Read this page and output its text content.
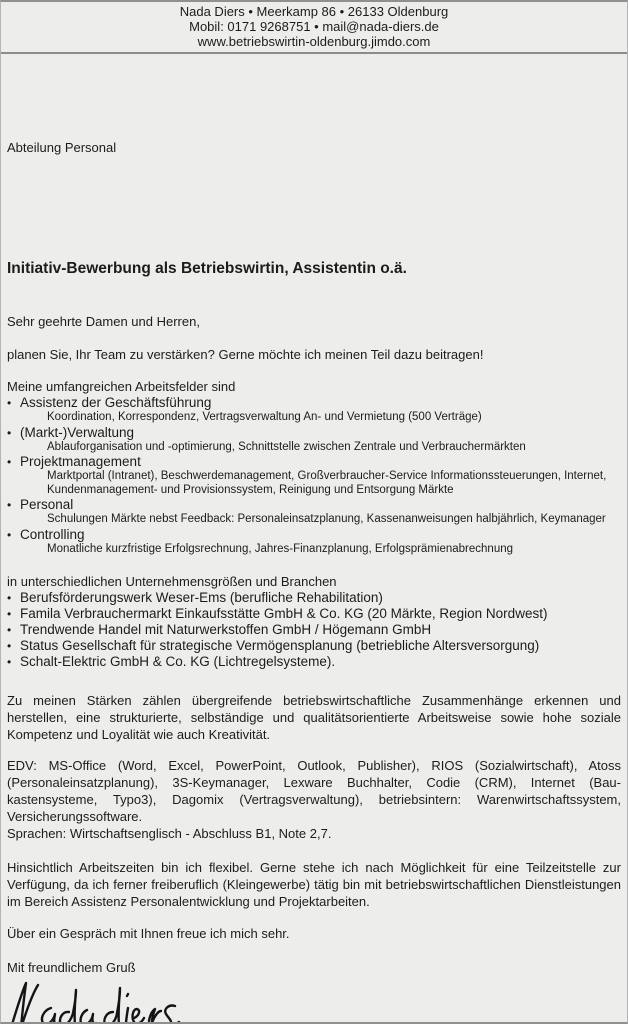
Nada Diers • Meerkamp 86 • 26133 Oldenburg
Mobil: 0171 9268751 • mail@nada-diers.de
www.betriebswirtin-oldenburg.jimdo.com
Abteilung Personal
Initiativ-Bewerbung als Betriebswirtin, Assistentin o.ä.
Sehr geehrte Damen und Herren,
planen Sie, Ihr Team zu verstärken? Gerne möchte ich meinen Teil dazu beitragen!
Meine umfangreichen Arbeitsfelder sind
•
Assistenz der Geschäftsführung
Koordination, Korrespondenz, Vertragsverwaltung An- und Vermietung (500 Verträge)
•
(Markt-)Verwaltung
Ablauforganisation und -optimierung, Schnittstelle zwischen Zentrale und Verbrauchermärkten
•
Projektmanagement
Marktportal (Intranet), Beschwerdemanagement, Großverbraucher-Service Informationssteuerungen, Internet, Kundenmanagement- und Provisionssystem, Reinigung und Entsorgung Märkte
•
Personal
Schulungen Märkte nebst Feedback: Personaleinsatzplanung, Kassenanweisungen halbjährlich, Keymanager
•
Controlling
Monatliche kurzfristige Erfolgsrechnung, Jahres-Finanzplanung, Erfolgsprämienabrechnung
in unterschiedlichen Unternehmensgrößen und Branchen
•
Berufsförderungswerk Weser-Ems (berufliche Rehabilitation)
•
Famila Verbrauchermarkt Einkaufsstätte GmbH & Co. KG (20 Märkte, Region Nordwest)
•
Trendwende Handel mit Naturwerkstoffen GmbH / Högemann GmbH
•
Status Gesellschaft für strategische Vermögensplanung (betriebliche Altersversorgung)
•
Schalt-Elektric GmbH & Co. KG (Lichtregelsysteme).
Zu meinen Stärken zählen übergreifende betriebswirtschaftliche Zusammenhänge erkennen und herstellen, eine strukturierte, selbständige und qualitätsorientierte Arbeitsweise sowie hohe soziale Kompetenz und Loyalität wie auch Kreativität.
EDV: MS-Office (Word, Excel, PowerPoint, Outlook, Publisher), RIOS (Sozialwirtschaft), Atoss (Personaleinsatzplanung), 3S-Keymanager, Lexware Buchhalter, Codie (CRM), Internet (Bau-kastensysteme, Typo3), Dagomix (Vertragsverwaltung), betriebsintern: Warenwirtschaftssystem, Versicherungssoftware.
Sprachen: Wirtschaftsenglisch - Abschluss B1, Note 2,7.
Hinsichtlich Arbeitszeiten bin ich flexibel. Gerne stehe ich nach Möglichkeit für eine Teilzeitstelle zur Verfügung, da ich ferner freiberuflich (Kleingewerbe) tätig bin mit betriebswirtschaftlichen Dienstleistungen im Bereich Assistenz Personalentwicklung und Projektarbeiten.
Über ein Gespräch mit Ihnen freue ich mich sehr.
Mit freundlichem Gruß
